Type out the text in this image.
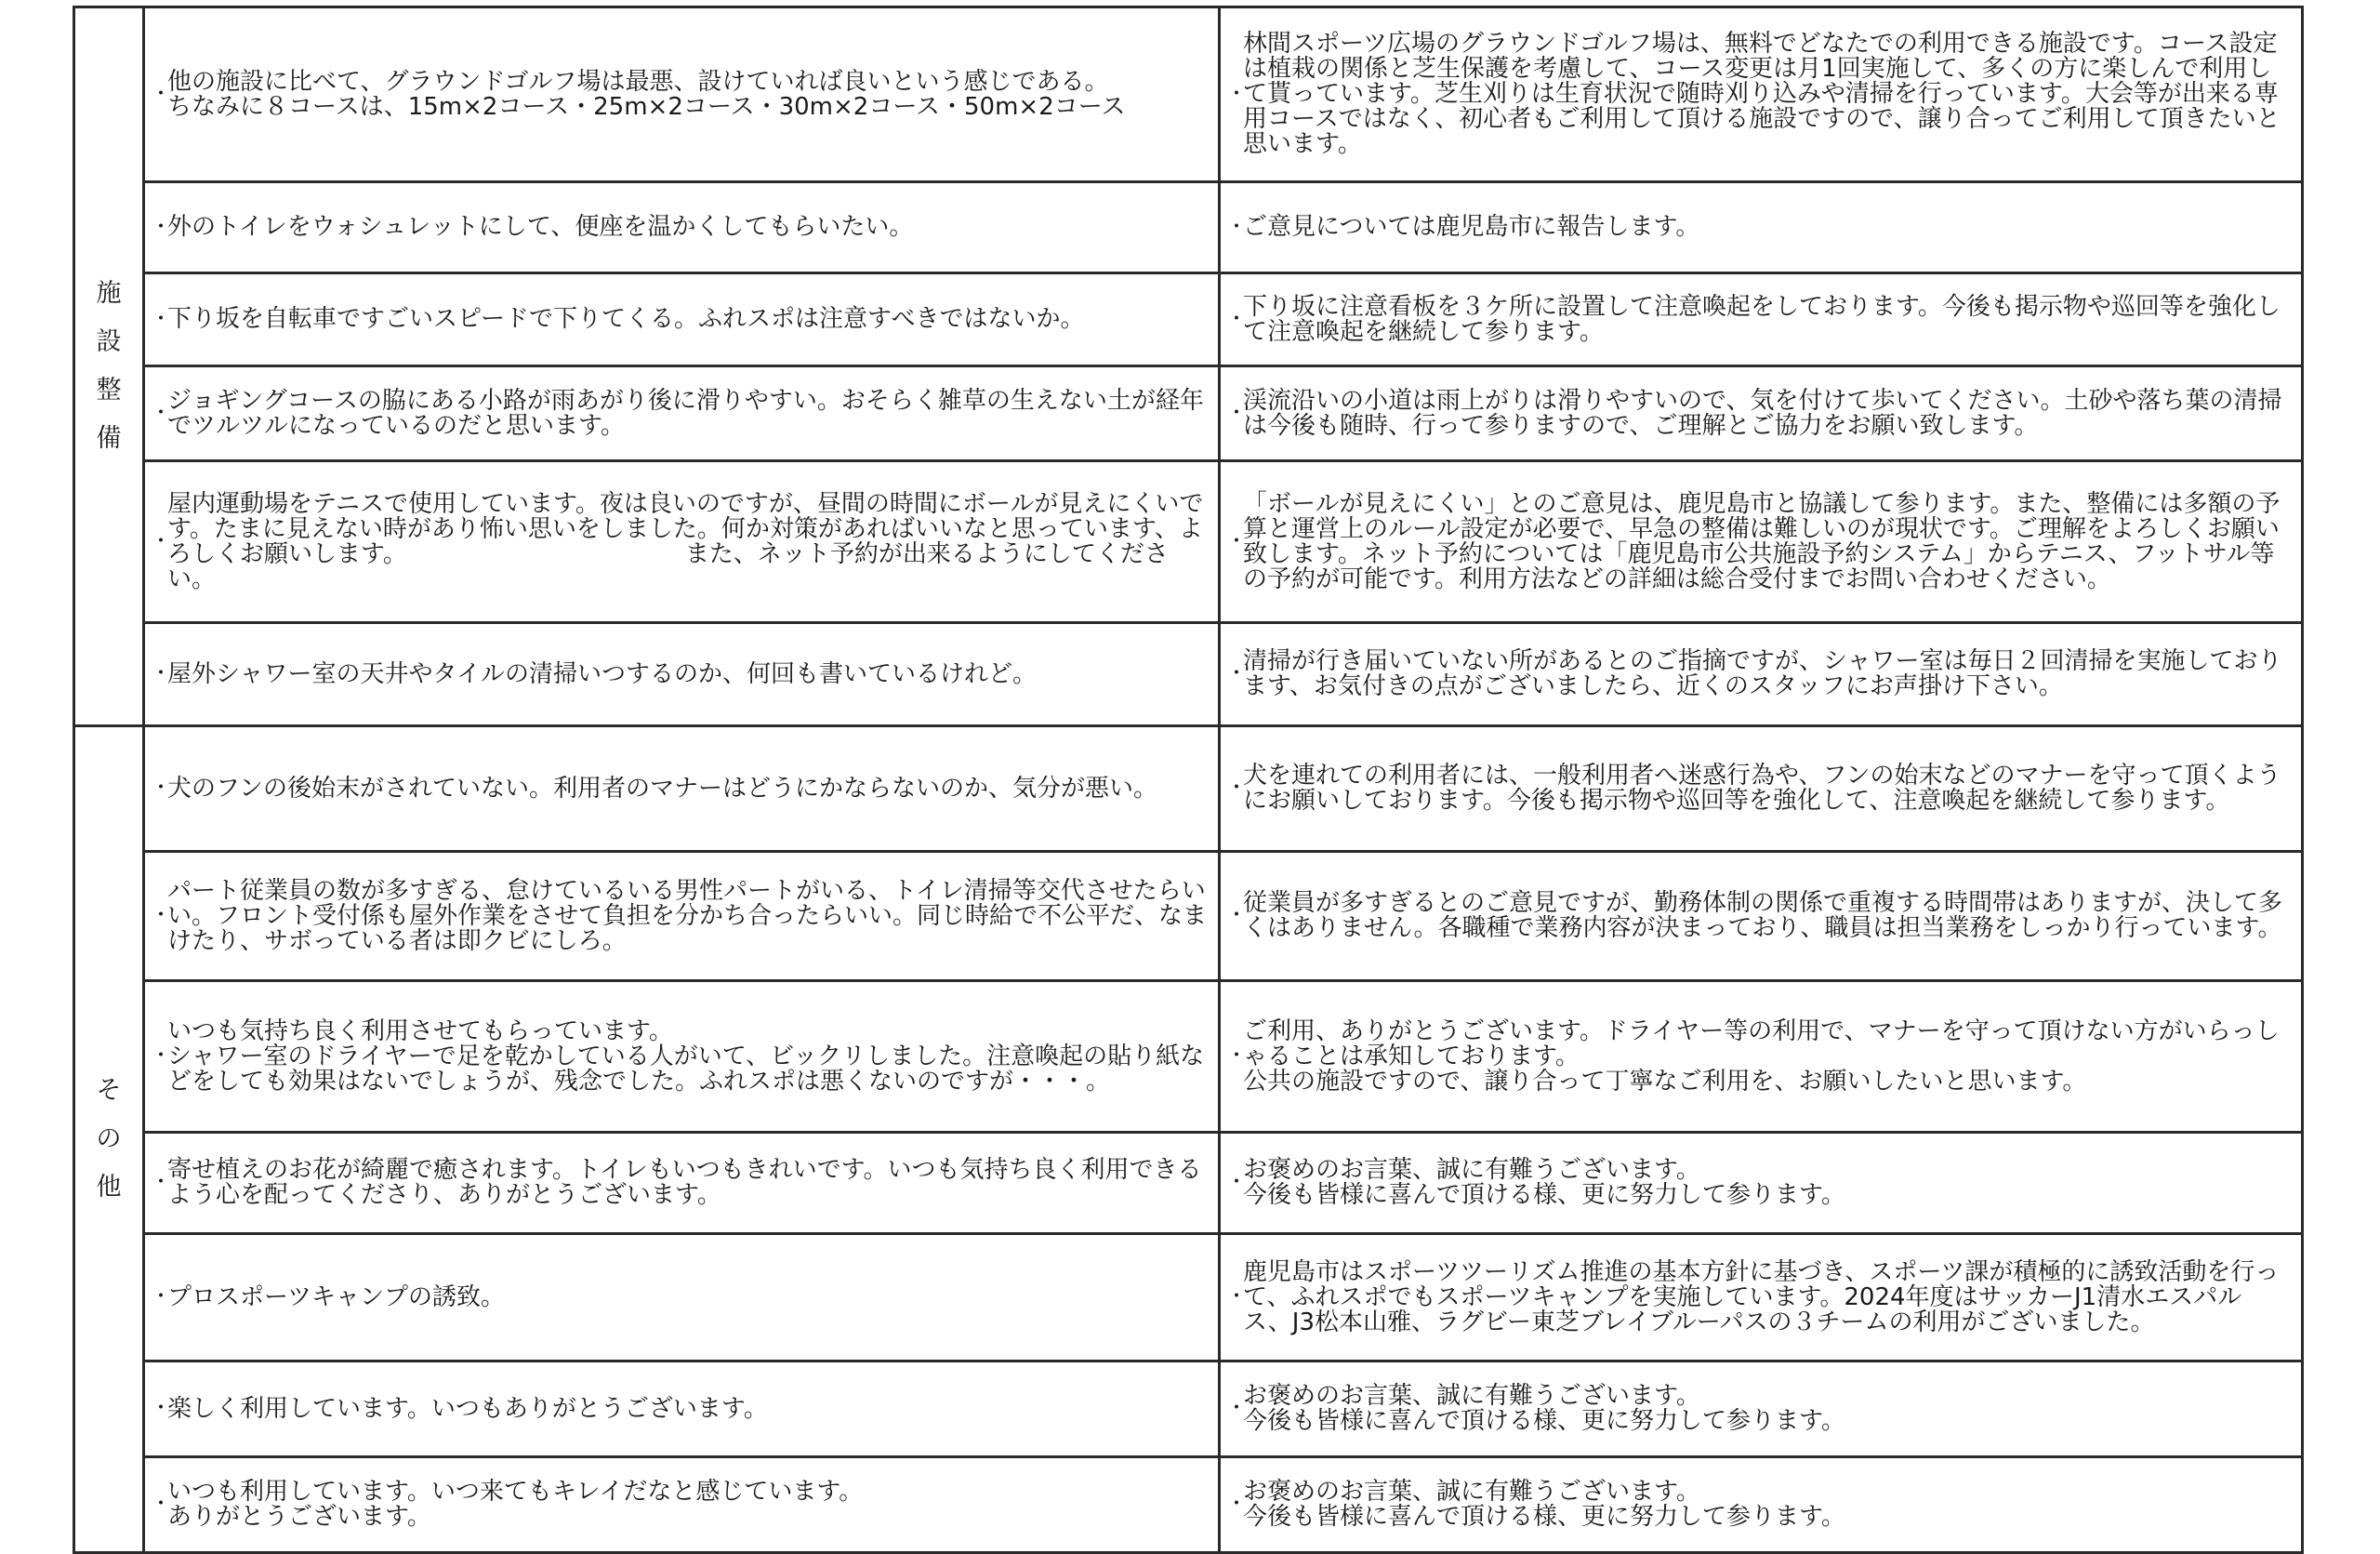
施
設
整
備	・
他の施設に比べて、グラウンドゴルフ場は最悪、設けていれば良いという感じである。
ちなみに８コースは、15m×2コース・25m×2コース・30m×2コース・50m×2コース	・
林間スポーツ広場のグラウンドゴルフ場は、無料でどなたでの利用できる施設です。コース設定は植栽の関係と芝生保護を考慮して、コース変更は月1回実施して、多くの方に楽しんで利用して貰っています。芝生刈りは生育状況で随時刈り込みや清掃を行っています。大会等が出来る専用コースではなく、初心者もご利用して頂ける施設ですので、譲り合ってご利用して頂きたいと思います。

	・
外のトイレをウォシュレットにして、便座を温かくしてもらいたい。	・
ご意見については鹿児島市に報告します。

	・
下り坂を自転車ですごいスピードで下りてくる。ふれスポは注意すべきではないか。	・
下り坂に注意看板を３ケ所に設置して注意喚起をしております。今後も掲示物や巡回等を強化して注意喚起を継続して参ります。

	・
ジョギングコースの脇にある小路が雨あがり後に滑りやすい。おそらく雑草の生えない土が経年でツルツルになっているのだと思います。	・
渓流沿いの小道は雨上がりは滑りやすいので、気を付けて歩いてください。土砂や落ち葉の清掃は今後も随時、行って参りますので、ご理解とご協力をお願い致します。

	・
屋内運動場をテニスで使用しています。夜は良いのですが、昼間の時間にボールが見えにくいです。たまに見えない時があり怖い思いをしました。何か対策があればいいなと思っています、よろしくお願いします。　　　　　　　　　　　　また、ネット予約が出来るようにしてください。	・
「ボールが見えにくい」とのご意見は、鹿児島市と協議して参ります。また、整備には多額の予算と運営上のルール設定が必要で、早急の整備は難しいのが現状です。ご理解をよろしくお願い致します。ネット予約については「鹿児島市公共施設予約システム」からテニス、フットサル等の予約が可能です。利用方法などの詳細は総合受付までお問い合わせください。

	・
屋外シャワー室の天井やタイルの清掃いつするのか、何回も書いているけれど。	・
清掃が行き届いていない所があるとのご指摘ですが、シャワー室は毎日２回清掃を実施しております、お気付きの点がございましたら、近くのスタッフにお声掛け下さい。

そ
の
他	・
犬のフンの後始末がされていない。利用者のマナーはどうにかならないのか、気分が悪い。	・
犬を連れての利用者には、一般利用者へ迷惑行為や、フンの始末などのマナーを守って頂くようにお願いしております。今後も掲示物や巡回等を強化して、注意喚起を継続して参ります。

	・
パート従業員の数が多すぎる、怠けているいる男性パートがいる、トイレ清掃等交代させたらいい。フロント受付係も屋外作業をさせて負担を分かち合ったらいい。同じ時給で不公平だ、なまけたり、サボっている者は即クビにしろ。	・
従業員が多すぎるとのご意見ですが、勤務体制の関係で重複する時間帯はありますが、決して多くはありません。各職種で業務内容が決まっており、職員は担当業務をしっかり行っています。

	・
いつも気持ち良く利用させてもらっています。
シャワー室のドライヤーで足を乾かしている人がいて、ビックリしました。注意喚起の貼り紙などをしても効果はないでしょうが、残念でした。ふれスポは悪くないのですが・・・。	・
ご利用、ありがとうございます。ドライヤー等の利用で、マナーを守って頂けない方がいらっしゃることは承知しております。
公共の施設ですので、譲り合って丁寧なご利用を、お願いしたいと思います。

	・
寄せ植えのお花が綺麗で癒されます。トイレもいつもきれいです。いつも気持ち良く利用できるよう心を配ってくださり、ありがとうございます。	・
お褒めのお言葉、誠に有難うございます。
今後も皆様に喜んで頂ける様、更に努力して参ります。

	・
プロスポーツキャンプの誘致。	・
鹿児島市はスポーツツーリズム推進の基本方針に基づき、スポーツ課が積極的に誘致活動を行って、ふれスポでもスポーツキャンプを実施しています。2024年度はサッカーJ1清水エスパルス、J3松本山雅、ラグビー東芝ブレイブルーパスの３チームの利用がございました。

	・
楽しく利用しています。いつもありがとうございます。	・
お褒めのお言葉、誠に有難うございます。
今後も皆様に喜んで頂ける様、更に努力して参ります。

	・
いつも利用しています。いつ来てもキレイだなと感じています。
ありがとうございます。	・
お褒めのお言葉、誠に有難うございます。
今後も皆様に喜んで頂ける様、更に努力して参ります。
